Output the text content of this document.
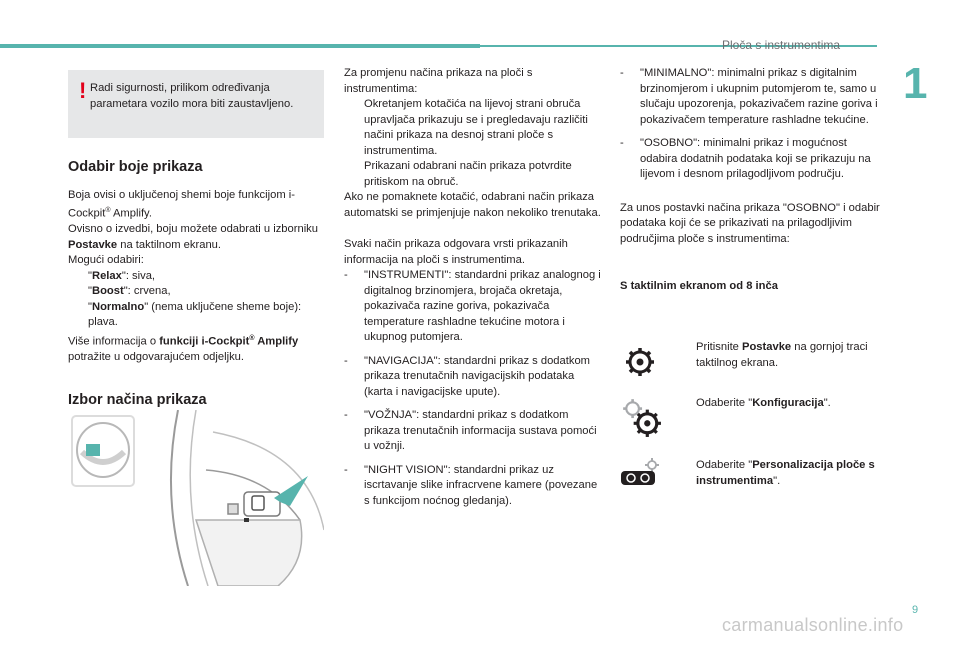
Ploča s instrumentima
1
! Radi sigurnosti, prilikom određivanja parametara vozilo mora biti zaustavljeno.
Odabir boje prikaza

Boja ovisi o uključenoj shemi boje funkcijom i-Cockpit® Amplify.

Ovisno o izvedbi, boju možete odabrati u izborniku Postavke na taktilnom ekranu.

Mogući odabiri:

"Relax": siva,

"Boost": crvena,

"Normalno" (nema uključene sheme boje): plava.

Više informacija o funkciji i-Cockpit® Amplify potražite u odgovarajućem odjeljku.

Izbor načina prikaza

Za promjenu načina prikaza na ploči s instrumentima:

Okretanjem kotačića na lijevoj strani obruča upravljača prikazuju se i pregledavaju različiti načini prikaza na desnoj strani ploče s instrumentima.

Prikazani odabrani način prikaza potvrdite pritiskom na obruč.

Ako ne pomaknete kotačić, odabrani način prikaza automatski se primjenjuje nakon nekoliko trenutaka.

Svaki način prikaza odgovara vrsti prikazanih informacija na ploči s instrumentima.

- "INSTRUMENTI": standardni prikaz analognog i digitalnog brzinomjera, brojača okretaja, pokazivača razine goriva, pokazivača temperature rashladne tekućine motora i ukupnog putomjera.

- "NAVIGACIJA": standardni prikaz s dodatkom prikaza trenutačnih navigacijskih podataka (karta i navigacijske upute).

- "VOŽNJA": standardni prikaz s dodatkom prikaza trenutačnih informacija sustava pomoći u vožnji.

- "NIGHT VISION": standardni prikaz uz iscrtavanje slike infracrvene kamere (povezane s funkcijom noćnog gledanja).

- "MINIMALNO": minimalni prikaz s digitalnim brzinomjerom i ukupnim putomjerom te, samo u slučaju upozorenja, pokazivačem razine goriva i pokazivačem temperature rashladne tekućine.

- "OSOBNO": minimalni prikaz i mogućnost odabira dodatnih podataka koji se prikazuju na lijevom i desnom prilagodljivom području.

Za unos postavki načina prikaza "OSOBNO" i odabir podataka koji će se prikazivati na prilagodljivim područjima ploče s instrumentima:

S taktilnim ekranom od 8 inča

Pritisnite Postavke na gornjoj traci taktilnog ekrana.
Odaberite "Konfiguracija".
Odaberite "Personalizacija ploče s instrumentima".
9
carmanualsonline.info
